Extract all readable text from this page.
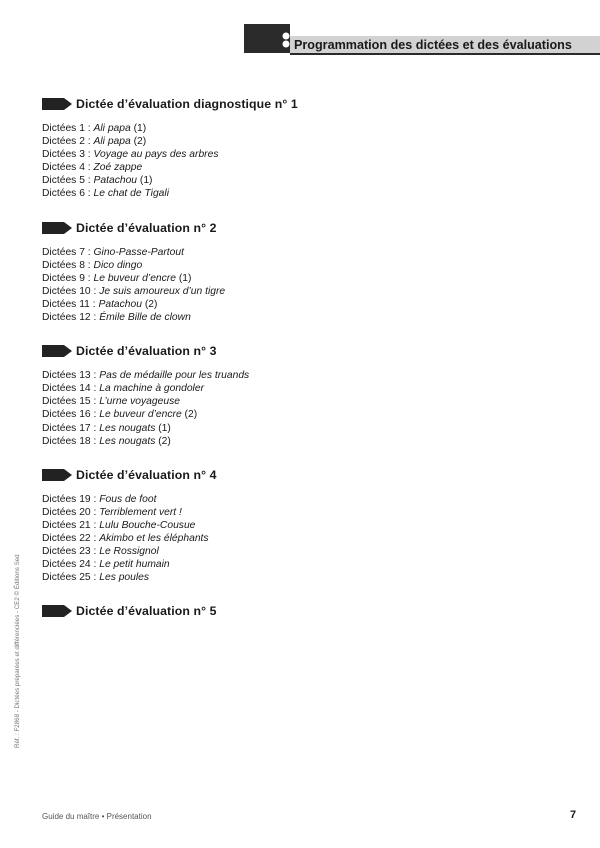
Programmation des dictées et des évaluations
Dictée d’évaluation diagnostique n° 1
Dictées 1 : Ali papa (1)
Dictées 2 : Ali papa (2)
Dictées 3 : Voyage au pays des arbres
Dictées 4 : Zoé zappe
Dictées 5 : Patachou (1)
Dictées 6 : Le chat de Tigali
Dictée d’évaluation n° 2
Dictées 7 : Gino-Passe-Partout
Dictées 8 : Dico dingo
Dictées 9 : Le buveur d’encre (1)
Dictées 10 : Je suis amoureux d’un tigre
Dictées 11 : Patachou (2)
Dictées 12 : Émile Bille de clown
Dictée d’évaluation n° 3
Dictées 13 : Pas de médaille pour les truands
Dictées 14 : La machine à gondoler
Dictées 15 : L’urne voyageuse
Dictées 16 : Le buveur d’encre (2)
Dictées 17 : Les nougats (1)
Dictées 18 : Les nougats (2)
Dictée d’évaluation n° 4
Dictées 19 : Fous de foot
Dictées 20 : Terriblement vert !
Dictées 21 : Lulu Bouche-Cousue
Dictées 22 : Akimbo et les éléphants
Dictées 23 : Le Rossignol
Dictées 24 : Le petit humain
Dictées 25 : Les poules
Dictée d’évaluation n° 5
Réf. : F2868 - Dictées préparées et différenciées - CE2 © Éditions Sed
Guide du maître • Présentation	7
